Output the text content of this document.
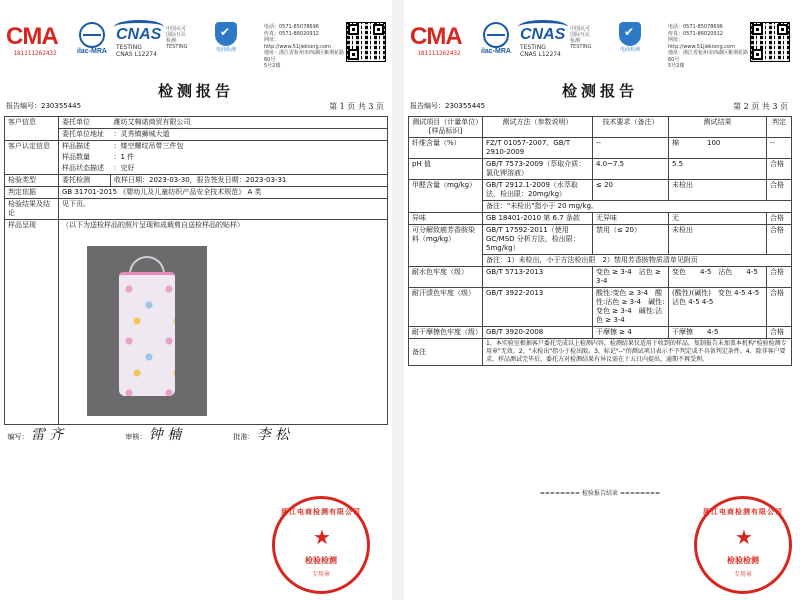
CMA
181111262432	ilac-MRA
CNAS
TESTING
CNAS L12274
中国认可
国际互认
检测
TESTING
✔	电商检测
电话：0571-85078696
传真：0571-86020912
网址：http://www.51jiekiong.com
地址：浙江省杭州市西湖区紫荆花路60号
5号2楼
检测报告
报告编号：230355445	第 1 页 共 3 页
客户信息	委托单位	潍坊艾棉诺商贸有限公司
	委托单位地址	：灵秀镇狮城大道
客户认定信息	样品描述	：镂空螺纹吊带三件包
	样品数量	：1 件
	样品状态描述	：完好
检验类型	委托检测	收样日期：2023-03-30，报告签发日期：2023-03-31
判定依据	GB 31701-2015 《婴幼儿及儿童纺织产品安全技术规范》 A 类	
检验结果及结论	见下页。	
样品呈现	（以下为送检样品的照片呈现和成载剪自送检样品的贴样）	

编写： 雷 齐 审核： 钟 楠 批准： 李 松		
浙江电商检测有限公司
★
检验检测
专用章
CMA
181111262432	ilac-MRA
CNAS
TESTING
CNAS L12274
中国认可
国际互认
检测
TESTING
✔	电商检测
电话：0571-85078696
传真：0571-86020912
网址：http://www.51jiekiong.com
地址：浙江省杭州市西湖区紫荆花路60号
5号2楼
检测报告
报告编号：230355445	第 2 页 共 3 页
测试项目（计量单位）[样品标识]	测试方法（参数说明）	技术要求（备注）	测试结果	判定
纤维含量（%）	FZ/T 01057-2007、GB/T 2910-2009	--	棉　　　　100	--
pH 值	GB/T 7573-2009（萃取介质：氯化钾溶液）	4.0~7.5	5.5	合格
甲醛含量（mg/kg）	GB/T 2912.1-2009（水萃取法，检出限：20mg/kg）	≤ 20	未检出	合格
	备注："未检出"指小于 20 mg/kg。			
异味	GB 18401-2010 第 6.7 条款	无异味	无	合格
可分解致癌芳香胺染料（mg/kg）	GB/T 17592-2011（使用 GC/MSD 分析方法，检出限：5mg/kg）	禁用（≤ 20）	未检出	合格
	备注：1）未检出，小于方法检出限　2）禁用芳香胺物质清单见附页			
耐水色牢度（级）	GB/T 5713-2013	变色 ≥ 3-4　沾色 ≥ 3-4	变色　　4-5　沾色　　4-5	合格
耐汗渍色牢度（级）	GB/T 3922-2013	酸性:变色 ≥ 3-4　酸性:沾色 ≥ 3-4　碱性:变色 ≥ 3-4　碱性:沾色 ≥ 3-4	(酸性)(碱性)　变色 4-5 4-5　沾色 4-5 4-5	合格
耐干摩擦色牢度（级）	GB/T 3920-2008	干摩擦 ≥ 4	干摩擦　　4-5	合格
备注	1、本实验室根据客户委托完成以上检测内容，检测结果仅适用于收到的样品。复制报告未加盖本机构"检验检测专用章"无效。2、"未检出"指小于检出限。3、标记"--"的测试项目表示不予判定或不具备判定条件。4、除非客户要求，样品测试完毕后，委托方对检测结果有异议需在十五日内提出，逾期不再受理。			
======== 检验报告结束 ========
浙江电商检测有限公司
★
检验检测
专用章
